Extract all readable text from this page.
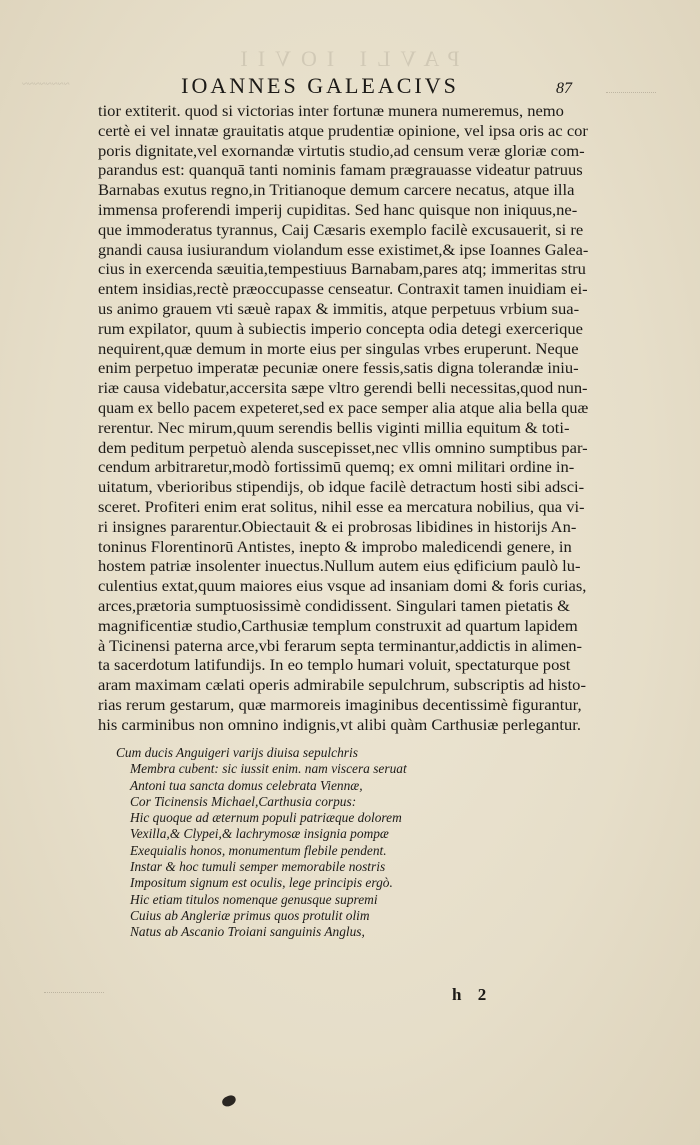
PAVLI IOVII
~~~~~~~~	IOANNES GALEACIVS	87
tior extiterit. quod si victorias inter fortunæ munera numeremus, nemo
certè ei vel innatæ grauitatis atque prudentiæ opinione, vel ipsa oris ac cor
poris dignitate,vel exornandæ virtutis studio,ad censum veræ gloriæ com-
parandus est: quanquā tanti nominis famam prægrauasse videatur patruus
Barnabas exutus regno,in Tritianoque demum carcere necatus, atque illa
immensa proferendi imperij cupiditas. Sed hanc quisque non iniquus,ne-
que immoderatus tyrannus, Caij Cæsaris exemplo facilè excusauerit, si re
gnandi causa iusiurandum violandum esse existimet,& ipse Ioannes Galea-
cius in exercenda sæuitia,tempestiuus Barnabam,pares atq; immeritas stru
entem insidias,rectè præoccupasse censeatur. Contraxit tamen inuidiam ei-
us animo grauem vti sæuè rapax & immitis, atque perpetuus vrbium sua-
rum expilator, quum à subiectis imperio concepta odia detegi exercerique
nequirent,quæ demum in morte eius per singulas vrbes eruperunt. Neque
enim perpetuo imperatæ pecuniæ onere fessis,satis digna tolerandæ iniu-
riæ causa videbatur,accersita sæpe vltro gerendi belli necessitas,quod nun-
quam ex bello pacem expeteret,sed ex pace semper alia atque alia bella quæ
rerentur. Nec mirum,quum serendis bellis viginti millia equitum & toti-
dem peditum perpetuò alenda suscepisset,nec vllis omnino sumptibus par-
cendum arbitraretur,modò fortissimū quemq; ex omni militari ordine in-
uitatum, vberioribus stipendijs, ob idque facilè detractum hosti sibi adsci-
sceret. Profiteri enim erat solitus, nihil esse ea mercatura nobilius, qua vi-
ri insignes pararentur.Obiectauit & ei probrosas libidines in historijs An-
toninus Florentinorū Antistes, inepto & improbo maledicendi genere, in
hostem patriæ insolenter inuectus.Nullum autem eius ędificium paulò lu-
culentius extat,quum maiores eius vsque ad insaniam domi & foris curias,
arces,prætoria sumptuosissimè condidissent. Singulari tamen pietatis &
magnificentiæ studio,Carthusiæ templum construxit ad quartum lapidem
à Ticinensi paterna arce,vbi ferarum septa terminantur,addictis in alimen-
ta sacerdotum latifundijs. In eo templo humari voluit, spectaturque post
aram maximam cælati operis admirabile sepulchrum, subscriptis ad histo-
rias rerum gestarum, quæ marmoreis imaginibus decentissimè figurantur,
his carminibus non omnino indignis,vt alibi quàm Carthusiæ perlegantur.
Cum ducis Anguigeri varijs diuisa sepulchris
Membra cubent: sic iussit enim. nam viscera seruat
Antoni tua sancta domus celebrata Viennæ,
Cor Ticinensis Michael,Carthusia corpus:
Hic quoque ad æternum populi patriæque dolorem
Vexilla,& Clypei,& lachrymosæ insignia pompæ
Exequialis honos, monumentum flebile pendent.
Instar & hoc tumuli semper memorabile nostris
Impositum signum est oculis, lege principis ergò.
Hic etiam titulos nomenque genusque supremi
Cuius ab Angleriæ primus quos protulit olim
Natus ab Ascanio Troiani sanguinis Anglus,
h 2
